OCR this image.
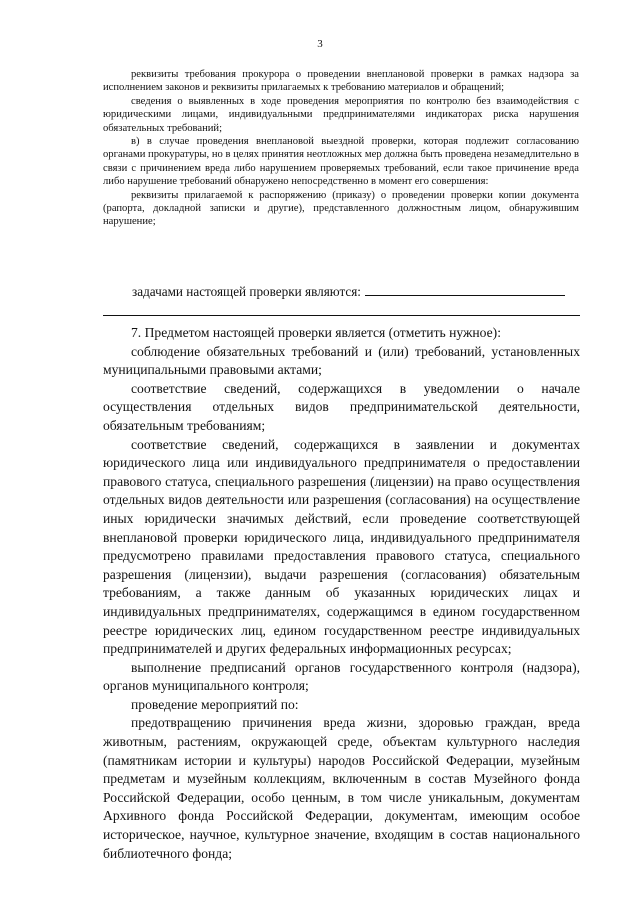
3

реквизиты требования прокурора о проведении внеплановой проверки в рамках надзора за исполнением законов и реквизиты прилагаемых к требованию материалов и обращений;

сведения о выявленных в ходе проведения мероприятия по контролю без взаимодействия с юридическими лицами, индивидуальными предпринимателями индикаторах риска нарушения обязательных требований;

в) в случае проведения внеплановой выездной проверки, которая подлежит согласованию органами прокуратуры, но в целях принятия неотложных мер должна быть проведена незамедлительно в связи с причинением вреда либо нарушением проверяемых требований, если такое причинение вреда либо нарушение требований обнаружено непосредственно в момент его совершения:

реквизиты прилагаемой к распоряжению (приказу) о проведении проверки копии документа (рапорта, докладной записки и другие), представленного должностным лицом, обнаружившим нарушение;

задачами настоящей проверки являются:

7. Предметом настоящей проверки является (отметить нужное):

соблюдение обязательных требований и (или) требований, установленных муниципальными правовыми актами;

соответствие сведений, содержащихся в уведомлении о начале осуществления отдельных видов предпринимательской деятельности, обязательным требованиям;

соответствие сведений, содержащихся в заявлении и документах юридического лица или индивидуального предпринимателя о предоставлении правового статуса, специального разрешения (лицензии) на право осуществления отдельных видов деятельности или разрешения (согласования) на осуществление иных юридически значимых действий, если проведение соответствующей внеплановой проверки юридического лица, индивидуального предпринимателя предусмотрено правилами предоставления правового статуса, специального разрешения (лицензии), выдачи разрешения (согласования) обязательным требованиям, а также данным об указанных юридических лицах и индивидуальных предпринимателях, содержащимся в едином государственном реестре юридических лиц, едином государственном реестре индивидуальных предпринимателей и других федеральных информационных ресурсах;

выполнение предписаний органов государственного контроля (надзора), органов муниципального контроля;

проведение мероприятий по:

предотвращению причинения вреда жизни, здоровью граждан, вреда животным, растениям, окружающей среде, объектам культурного наследия (памятникам истории и культуры) народов Российской Федерации, музейным предметам и музейным коллекциям, включенным в состав Музейного фонда Российской Федерации, особо ценным, в том числе уникальным, документам Архивного фонда Российской Федерации, документам, имеющим особое историческое, научное, культурное значение, входящим в состав национального библиотечного фонда;
